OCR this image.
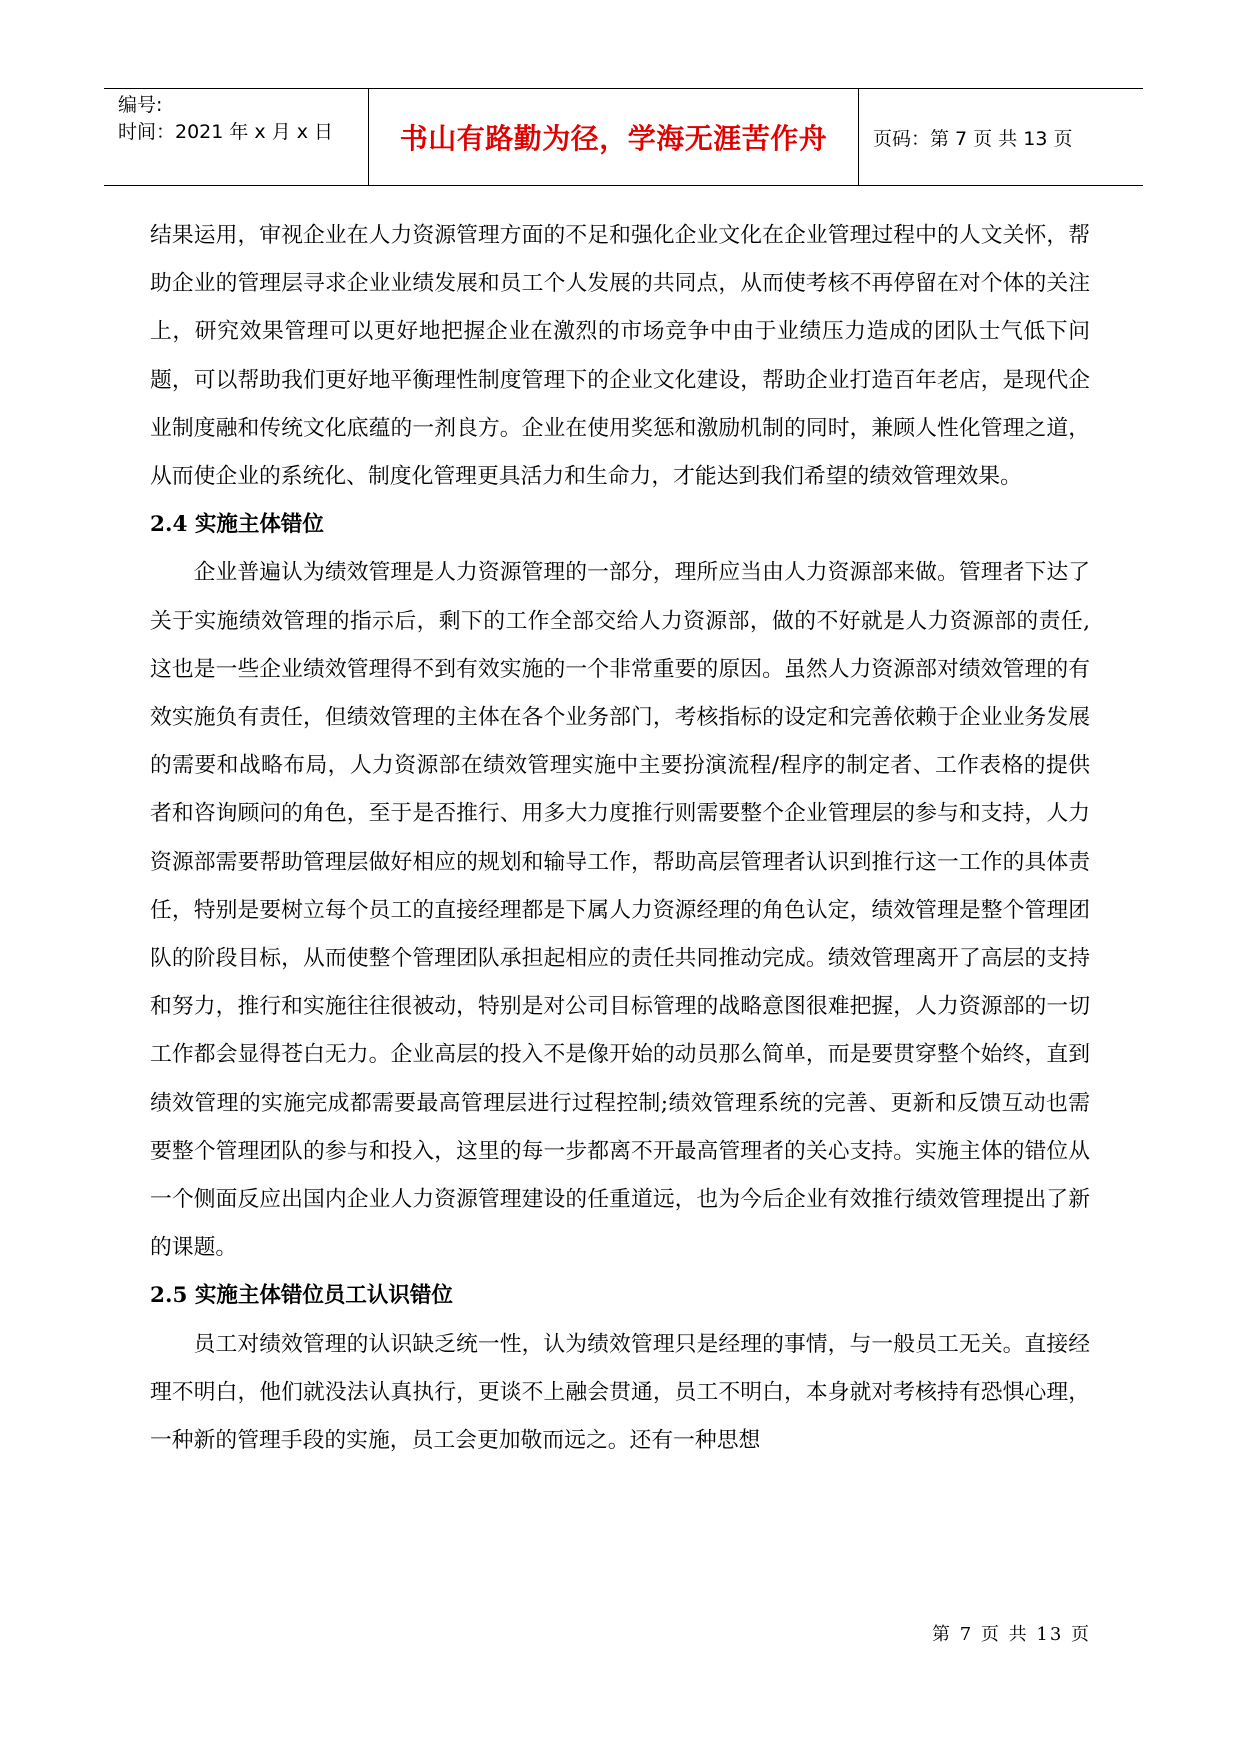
编号:
时间：2021 年 x 月 x 日	书山有路勤为径，学海无涯苦作舟	页码：第 7 页 共 13 页

结果运用，审视企业在人力资源管理方面的不足和强化企业文化在企业管理过程中的人文关怀，帮助企业的管理层寻求企业业绩发展和员工个人发展的共同点，从而使考核不再停留在对个体的关注上，研究效果管理可以更好地把握企业在激烈的市场竞争中由于业绩压力造成的团队士气低下问题，可以帮助我们更好地平衡理性制度管理下的企业文化建设，帮助企业打造百年老店，是现代企业制度融和传统文化底蕴的一剂良方。企业在使用奖惩和激励机制的同时，兼顾人性化管理之道，从而使企业的系统化、制度化管理更具活力和生命力，才能达到我们希望的绩效管理效果。

2.4 实施主体错位

企业普遍认为绩效管理是人力资源管理的一部分，理所应当由人力资源部来做。管理者下达了关于实施绩效管理的指示后，剩下的工作全部交给人力资源部，做的不好就是人力资源部的责任,这也是一些企业绩效管理得不到有效实施的一个非常重要的原因。虽然人力资源部对绩效管理的有效实施负有责任，但绩效管理的主体在各个业务部门，考核指标的设定和完善依赖于企业业务发展的需要和战略布局，人力资源部在绩效管理实施中主要扮演流程/程序的制定者、工作表格的提供者和咨询顾问的角色，至于是否推行、用多大力度推行则需要整个企业管理层的参与和支持，人力资源部需要帮助管理层做好相应的规划和输导工作，帮助高层管理者认识到推行这一工作的具体责任，特别是要树立每个员工的直接经理都是下属人力资源经理的角色认定，绩效管理是整个管理团队的阶段目标，从而使整个管理团队承担起相应的责任共同推动完成。绩效管理离开了高层的支持和努力，推行和实施往往很被动，特别是对公司目标管理的战略意图很难把握，人力资源部的一切工作都会显得苍白无力。企业高层的投入不是像开始的动员那么简单，而是要贯穿整个始终，直到绩效管理的实施完成都需要最高管理层进行过程控制;绩效管理系统的完善、更新和反馈互动也需要整个管理团队的参与和投入，这里的每一步都离不开最高管理者的关心支持。实施主体的错位从一个侧面反应出国内企业人力资源管理建设的任重道远，也为今后企业有效推行绩效管理提出了新的课题。

2.5 实施主体错位员工认识错位

员工对绩效管理的认识缺乏统一性，认为绩效管理只是经理的事情，与一般员工无关。直接经理不明白，他们就没法认真执行，更谈不上融会贯通，员工不明白，本身就对考核持有恐惧心理，一种新的管理手段的实施，员工会更加敬而远之。还有一种思想

第 7 页 共 13 页
